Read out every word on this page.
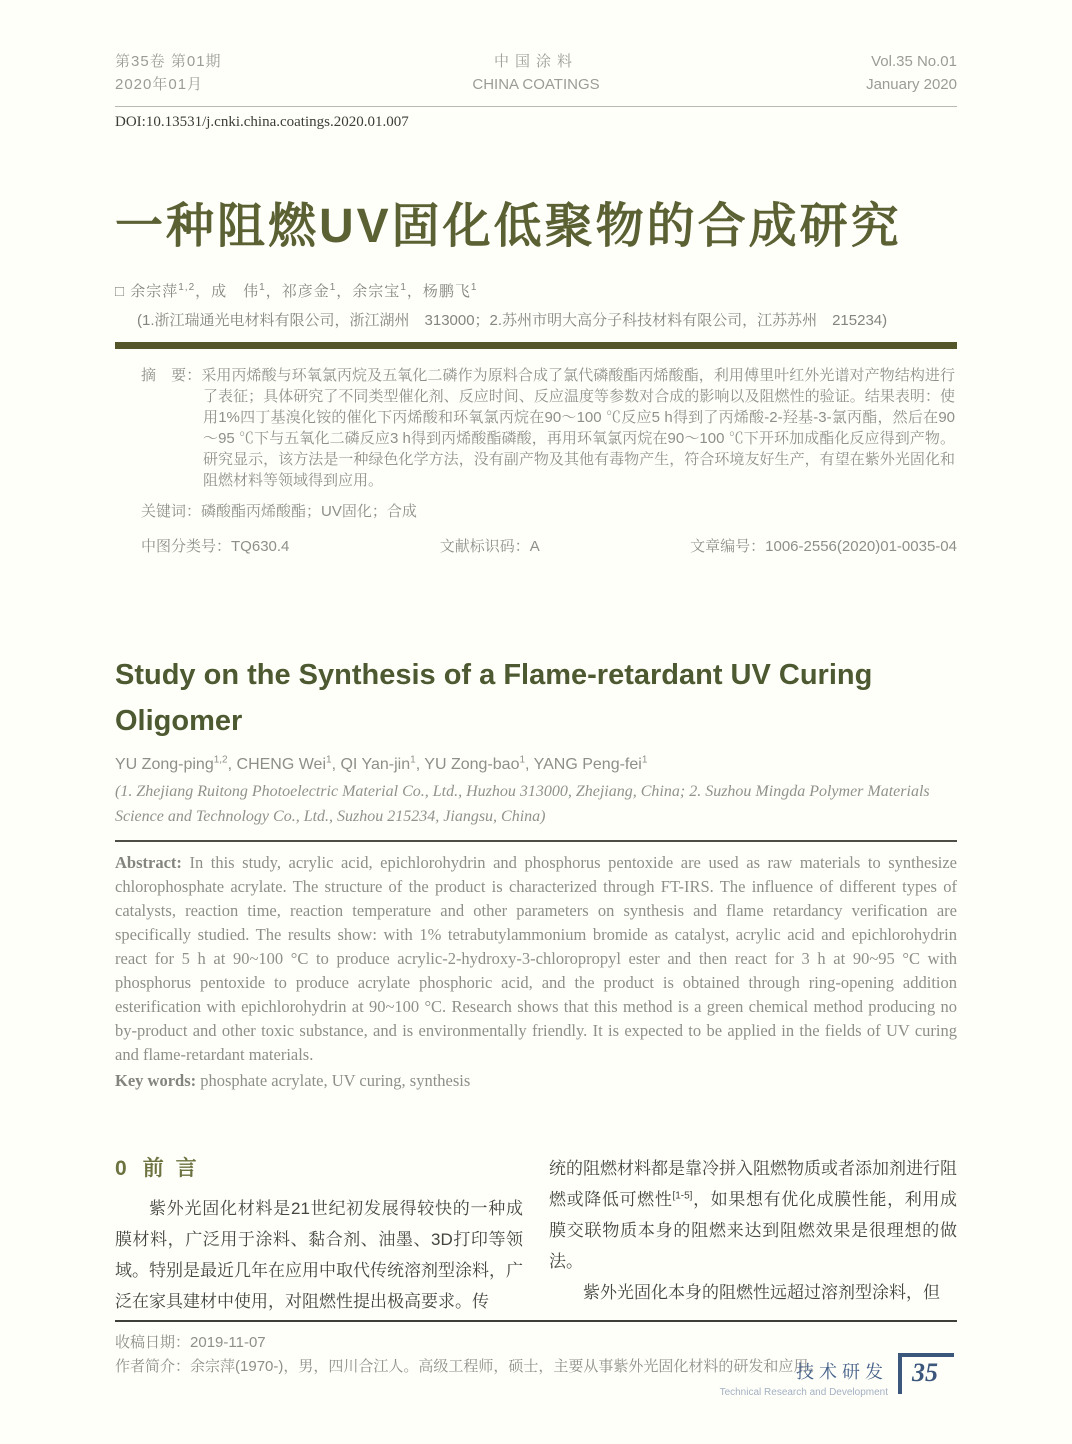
第35卷 第01期
2020年01月
中国涂料
CHINA COATINGS
Vol.35 No.01
January 2020
DOI:10.13531/j.cnki.china.coatings.2020.01.007
一种阻燃UV固化低聚物的合成研究
□ 余宗萍$^{1,2}$，成　伟$^1$，祁彦金$^1$，余宗宝$^1$，杨鹏飞$^1$
(1.浙江瑞通光电材料有限公司，浙江湖州　313000；2.苏州市明大高分子科技材料有限公司，江苏苏州　215234)

摘　要：采用丙烯酸与环氧氯丙烷及五氧化二磷作为原料合成了氯代磷酸酯丙烯酸酯，利用傅里叶红外光谱对产物结构进行了表征；具体研究了不同类型催化剂、反应时间、反应温度等参数对合成的影响以及阻燃性的验证。结果表明：使用1%四丁基溴化铵的催化下丙烯酸和环氧氯丙烷在90～100 ℃反应5 h得到了丙烯酸-2-羟基-3-氯丙酯，然后在90～95 ℃下与五氧化二磷反应3 h得到丙烯酸酯磷酸，再用环氧氯丙烷在90～100 ℃下开环加成酯化反应得到产物。研究显示，该方法是一种绿色化学方法，没有副产物及其他有毒物产生，符合环境友好生产，有望在紫外光固化和阻燃材料等领域得到应用。

关键词：磷酸酯丙烯酸酯；UV固化；合成
中图分类号：TQ630.4	文献标识码：A	文章编号：1006-2556(2020)01-0035-04
Study on the Synthesis of a Flame-retardant UV Curing Oligomer
YU Zong-ping$^{1,2}$, CHENG Wei$^1$, QI Yan-jin$^1$, YU Zong-bao$^1$, YANG Peng-fei$^1$
(1. Zhejiang Ruitong Photoelectric Material Co., Ltd., Huzhou 313000, Zhejiang, China; 2. Suzhou Mingda Polymer Materials Science and Technology Co., Ltd., Suzhou 215234, Jiangsu, China)

Abstract: In this study, acrylic acid, epichlorohydrin and phosphorus pentoxide are used as raw materials to synthesize chlorophosphate acrylate. The structure of the product is characterized through FT-IRS. The influence of different types of catalysts, reaction time, reaction temperature and other parameters on synthesis and flame retardancy verification are specifically studied. The results show: with 1% tetrabutylammonium bromide as catalyst, acrylic acid and epichlorohydrin react for 5 h at 90~100 °C to produce acrylic-2-hydroxy-3-chloropropyl ester and then react for 3 h at 90~95 °C with phosphorus pentoxide to produce acrylate phosphoric acid, and the product is obtained through ring-opening addition esterification with epichlorohydrin at 90~100 °C. Research shows that this method is a green chemical method producing no by-product and other toxic substance, and is environmentally friendly. It is expected to be applied in the fields of UV curing and flame-retardant materials.

Key words: phosphate acrylate, UV curing, synthesis

0 前言

紫外光固化材料是21世纪初发展得较快的一种成膜材料，广泛用于涂料、黏合剂、油墨、3D打印等领域。特别是最近几年在应用中取代传统溶剂型涂料，广泛在家具建材中使用，对阻燃性提出极高要求。传

统的阻燃材料都是靠冷拼入阻燃物质或者添加剂进行阻燃或降低可燃性[1-5]，如果想有优化成膜性能，利用成膜交联物质本身的阻燃来达到阻燃效果是很理想的做法。

紫外光固化本身的阻燃性远超过溶剂型涂料，但

收稿日期：2019-11-07
作者简介：余宗萍(1970-)，男，四川合江人。高级工程师，硕士，主要从事紫外光固化材料的研发和应用。
技术研发
Technical Research and Development
35
